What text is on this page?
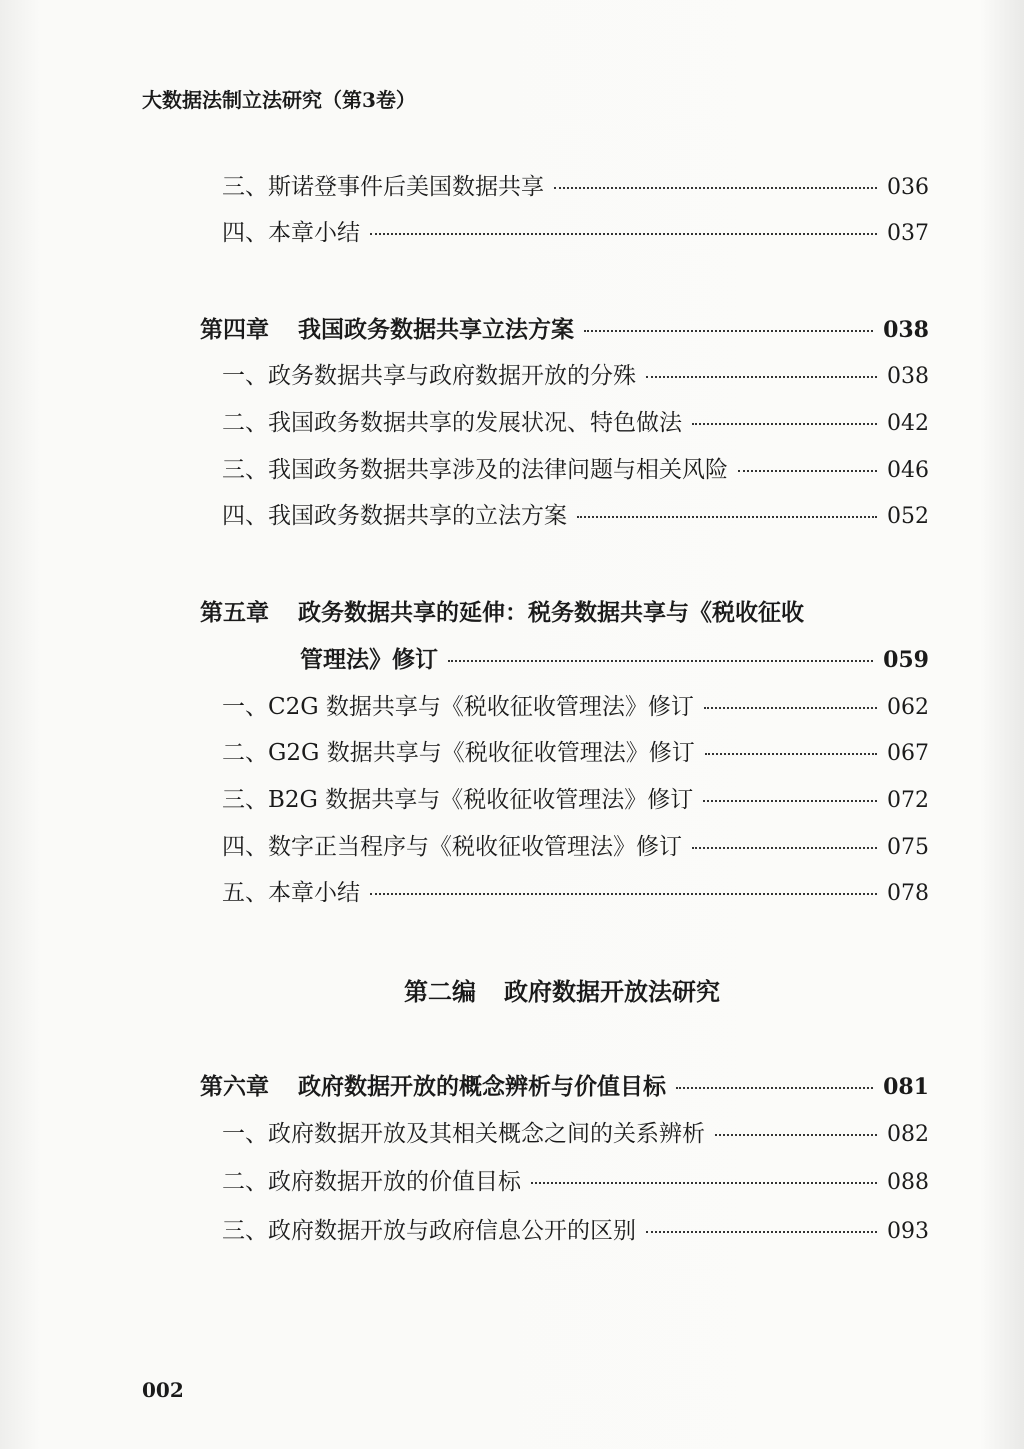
大数据法制立法研究（第3卷）
三、斯诺登事件后美国数据共享	036
四、本章小结	037
第四章 我国政务数据共享立法方案	038
一、政务数据共享与政府数据开放的分殊	038
二、我国政务数据共享的发展状况、特色做法	042
三、我国政务数据共享涉及的法律问题与相关风险	046
四、我国政务数据共享的立法方案	052
第五章 政务数据共享的延伸：税务数据共享与《税收征收
管理法》修订	059
一、C2G 数据共享与《税收征收管理法》修订	062
二、G2G 数据共享与《税收征收管理法》修订	067
三、B2G 数据共享与《税收征收管理法》修订	072
四、数字正当程序与《税收征收管理法》修订	075
五、本章小结	078
第二编 政府数据开放法研究
第六章 政府数据开放的概念辨析与价值目标	081
一、政府数据开放及其相关概念之间的关系辨析	082
二、政府数据开放的价值目标	088
三、政府数据开放与政府信息公开的区别	093
002
